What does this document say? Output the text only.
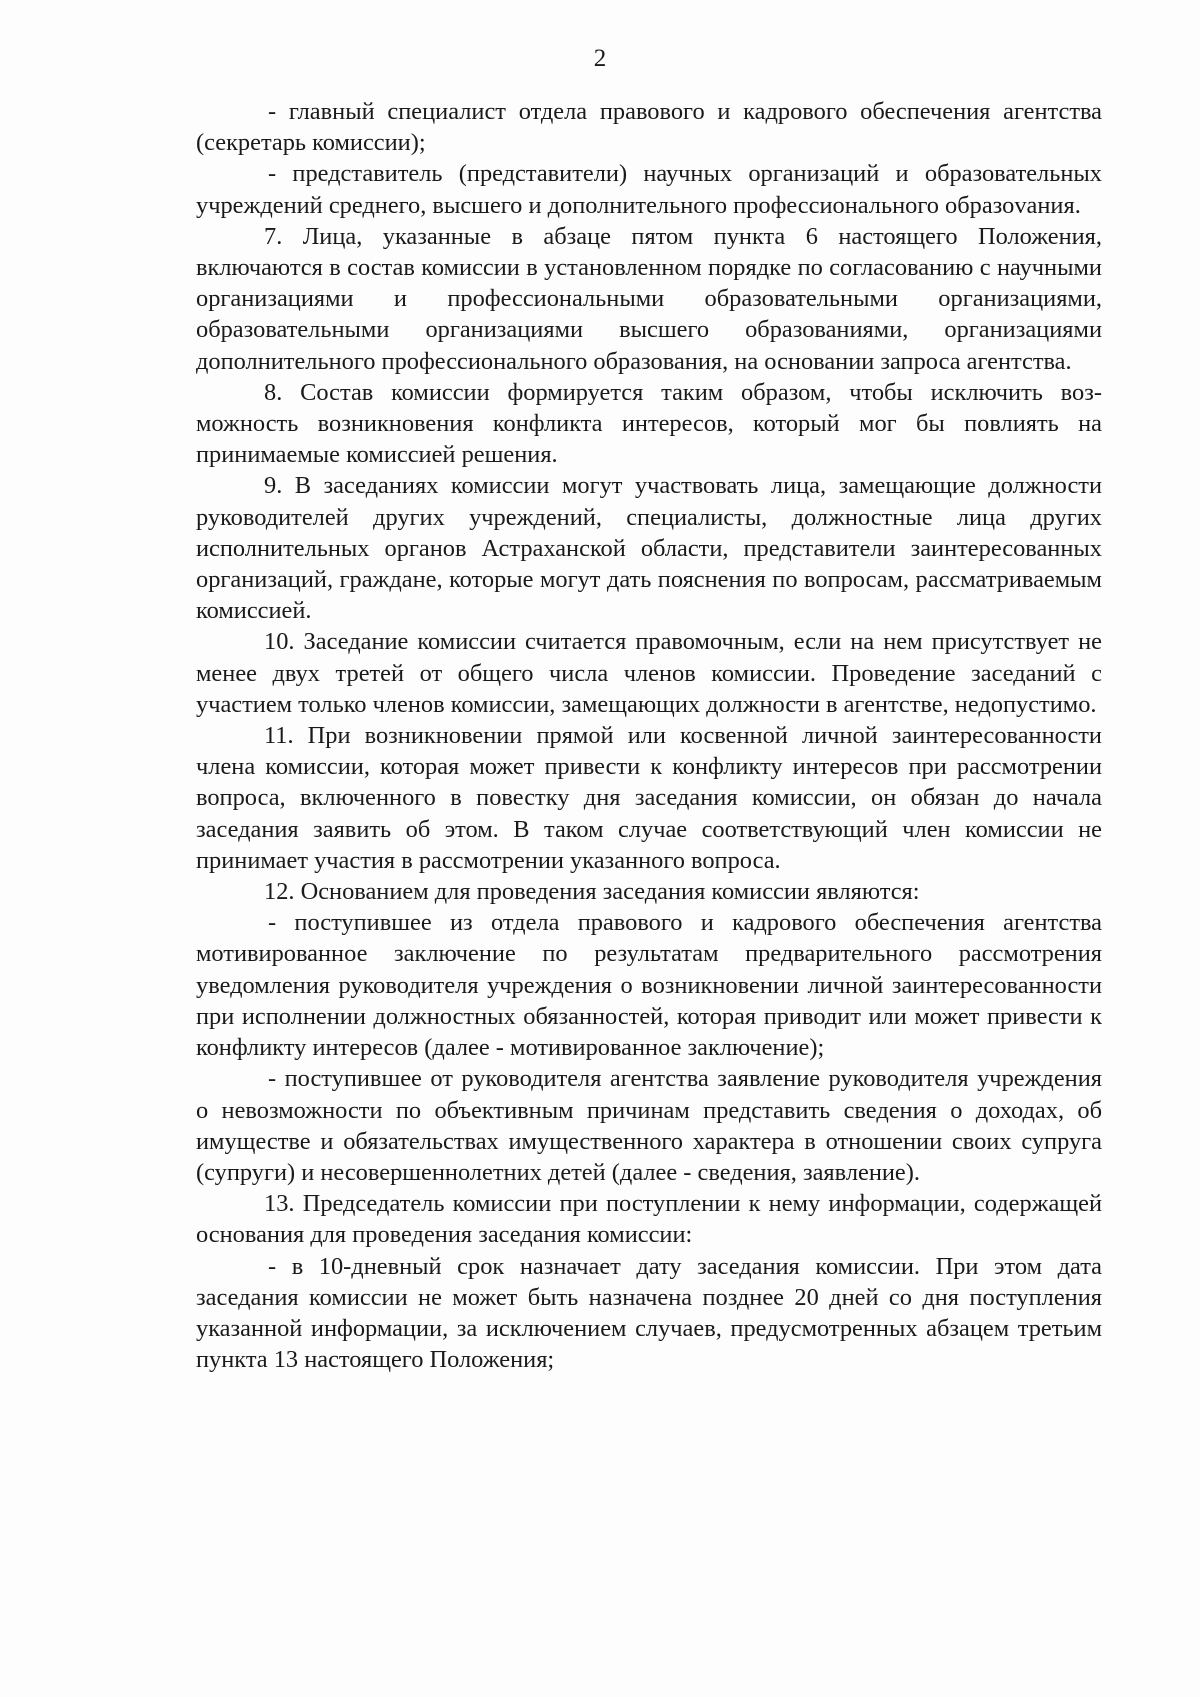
2

- главный специалист отдела правового и кадрового обеспечения агентства (секретарь комиссии);

- представитель (представители) научных организаций и образовательных учреждений среднего, высшего и дополнительного профессионального образоvания.

7. Лица, указанные в абзаце пятом пункта 6 настоящего Положения, включаются в состав комиссии в установленном порядке по согласованию с научными организациями и профессиональными образовательными организациями, образовательными организациями высшего образованиями, организациями дополнительного профессионального образования, на основании запроса агентства.

8. Состав комиссии формируется таким образом, чтобы исключить возможность возникновения конфликта интересов, который мог бы повлиять на принимаемые комиссией решения.

9. В заседаниях комиссии могут участвовать лица, замещающие должности руководителей других учреждений, специалисты, должностные лица других исполнительных органов Астраханской области, представители заинтересованных организаций, граждане, которые могут дать пояснения по вопросам, рассматриваемым комиссией.

10. Заседание комиссии считается правомочным, если на нем присутствует не менее двух третей от общего числа членов комиссии. Проведение заседаний с участием только членов комиссии, замещающих должности в агентстве, недопустимо.

11. При возникновении прямой или косвенной личной заинтересованности члена комиссии, которая может привести к конфликту интересов при рассмотрении вопроса, включенного в повестку дня заседания комиссии, он обязан до начала заседания заявить об этом. В таком случае соответствующий член комиссии не принимает участия в рассмотрении указанного вопроса.

12. Основанием для проведения заседания комиссии являются:

- поступившее из отдела правового и кадрового обеспечения агентства мотивированное заключение по результатам предварительного рассмотрения уведомления руководителя учреждения о возникновении личной заинтересованности при исполнении должностных обязанностей, которая приводит или может привести к конфликту интересов (далее - мотивированное заключение);

- поступившее от руководителя агентства заявление руководителя учреждения о невозможности по объективным причинам представить сведения о доходах, об имуществе и обязательствах имущественного характера в отношении своих супруга (супруги) и несовершеннолетних детей (далее - сведения, заявление).

13. Председатель комиссии при поступлении к нему информации, содержащей основания для проведения заседания комиссии:

- в 10-дневный срок назначает дату заседания комиссии. При этом дата заседания комиссии не может быть назначена позднее 20 дней со дня поступления указанной информации, за исключением случаев, предусмотренных абзацем третьим пункта 13 настоящего Положения;
